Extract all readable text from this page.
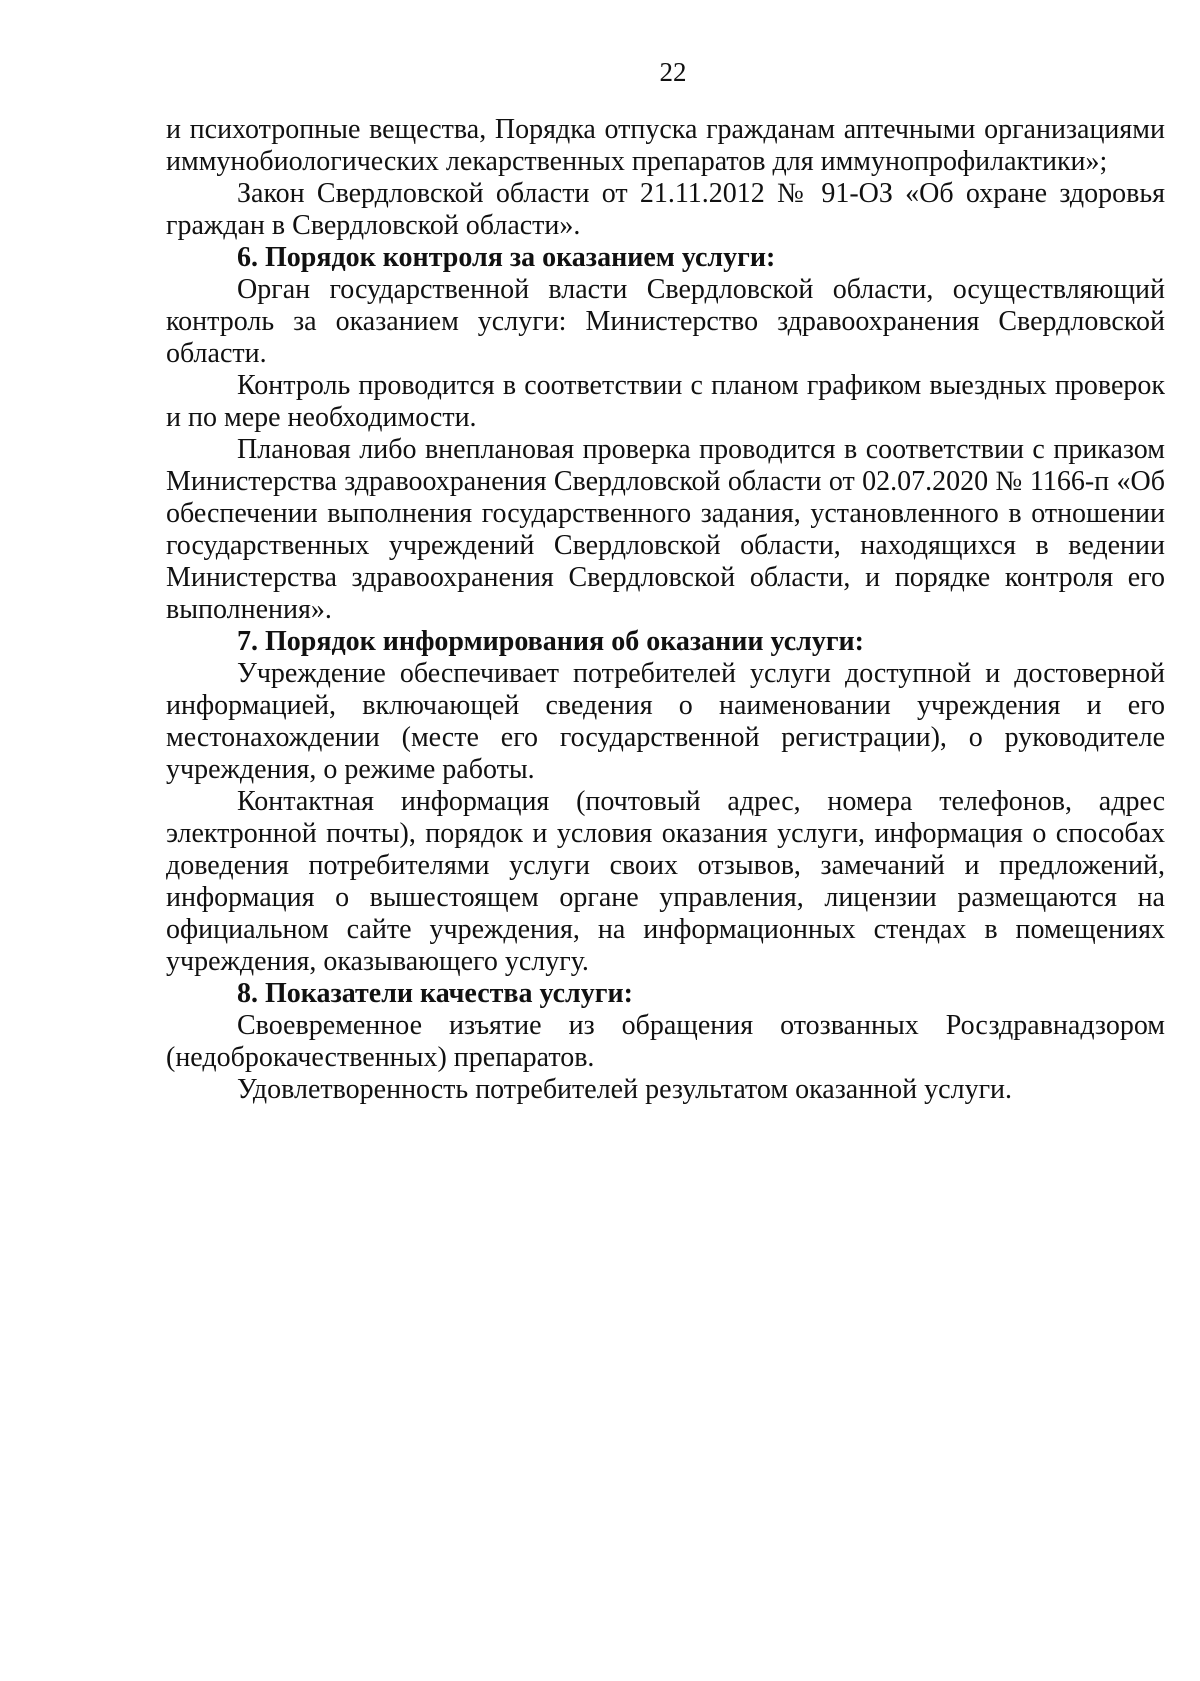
22

и психотропные вещества, Порядка отпуска гражданам аптечными организациями иммунобиологических лекарственных препаратов для иммунопрофилактики»;

Закон Свердловской области от 21.11.2012 № 91-ОЗ «Об охране здоровья граждан в Свердловской области».

6. Порядок контроля за оказанием услуги:

Орган государственной власти Свердловской области, осуществляющий контроль за оказанием услуги: Министерство здравоохранения Свердловской области.

Контроль проводится в соответствии с планом графиком выездных проверок и по мере необходимости.

Плановая либо внеплановая проверка проводится в соответствии с приказом Министерства здравоохранения Свердловской области от 02.07.2020 № 1166-п «Об обеспечении выполнения государственного задания, установленного в отношении государственных учреждений Свердловской области, находящихся в ведении Министерства здравоохранения Свердловской области, и порядке контроля его выполнения».

7. Порядок информирования об оказании услуги:

Учреждение обеспечивает потребителей услуги доступной и достоверной информацией, включающей сведения о наименовании учреждения и его местонахождении (месте его государственной регистрации), о руководителе учреждения, о режиме работы.

Контактная информация (почтовый адрес, номера телефонов, адрес электронной почты), порядок и условия оказания услуги, информация о способах доведения потребителями услуги своих отзывов, замечаний и предложений, информация о вышестоящем органе управления, лицензии размещаются на официальном сайте учреждения, на информационных стендах в помещениях учреждения, оказывающего услугу.

8. Показатели качества услуги:

Своевременное изъятие из обращения отозванных Росздравнадзором (недоброкачественных) препаратов.

Удовлетворенность потребителей результатом оказанной услуги.
